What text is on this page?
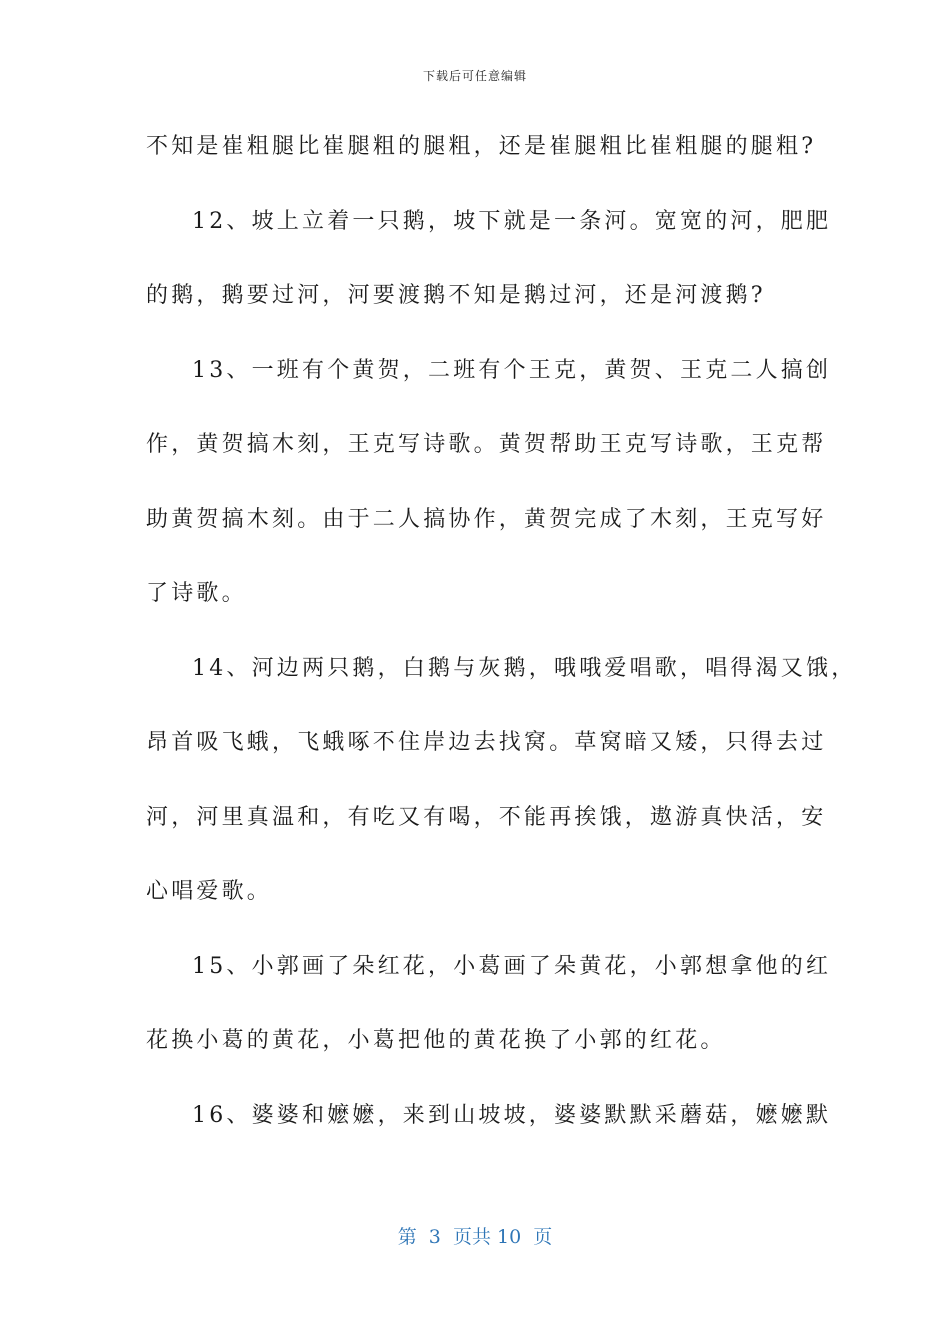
下载后可任意编辑
不知是崔粗腿比崔腿粗的腿粗，还是崔腿粗比崔粗腿的腿粗?
12、坡上立着一只鹅，坡下就是一条河。宽宽的河，肥肥
的鹅，鹅要过河，河要渡鹅不知是鹅过河，还是河渡鹅?
13、一班有个黄贺，二班有个王克，黄贺、王克二人搞创
作，黄贺搞木刻，王克写诗歌。黄贺帮助王克写诗歌，王克帮
助黄贺搞木刻。由于二人搞协作，黄贺完成了木刻，王克写好
了诗歌。
14、河边两只鹅，白鹅与灰鹅，哦哦爱唱歌，唱得渴又饿，
昂首吸飞蛾，飞蛾啄不住岸边去找窝。草窝暗又矮，只得去过
河，河里真温和，有吃又有喝，不能再挨饿，遨游真快活，安
心唱爱歌。
15、小郭画了朵红花，小葛画了朵黄花，小郭想拿他的红
花换小葛的黄花，小葛把他的黄花换了小郭的红花。
16、婆婆和嬷嬷，来到山坡坡，婆婆默默采蘑菇，嬷嬷默
第  3  页共 10  页
